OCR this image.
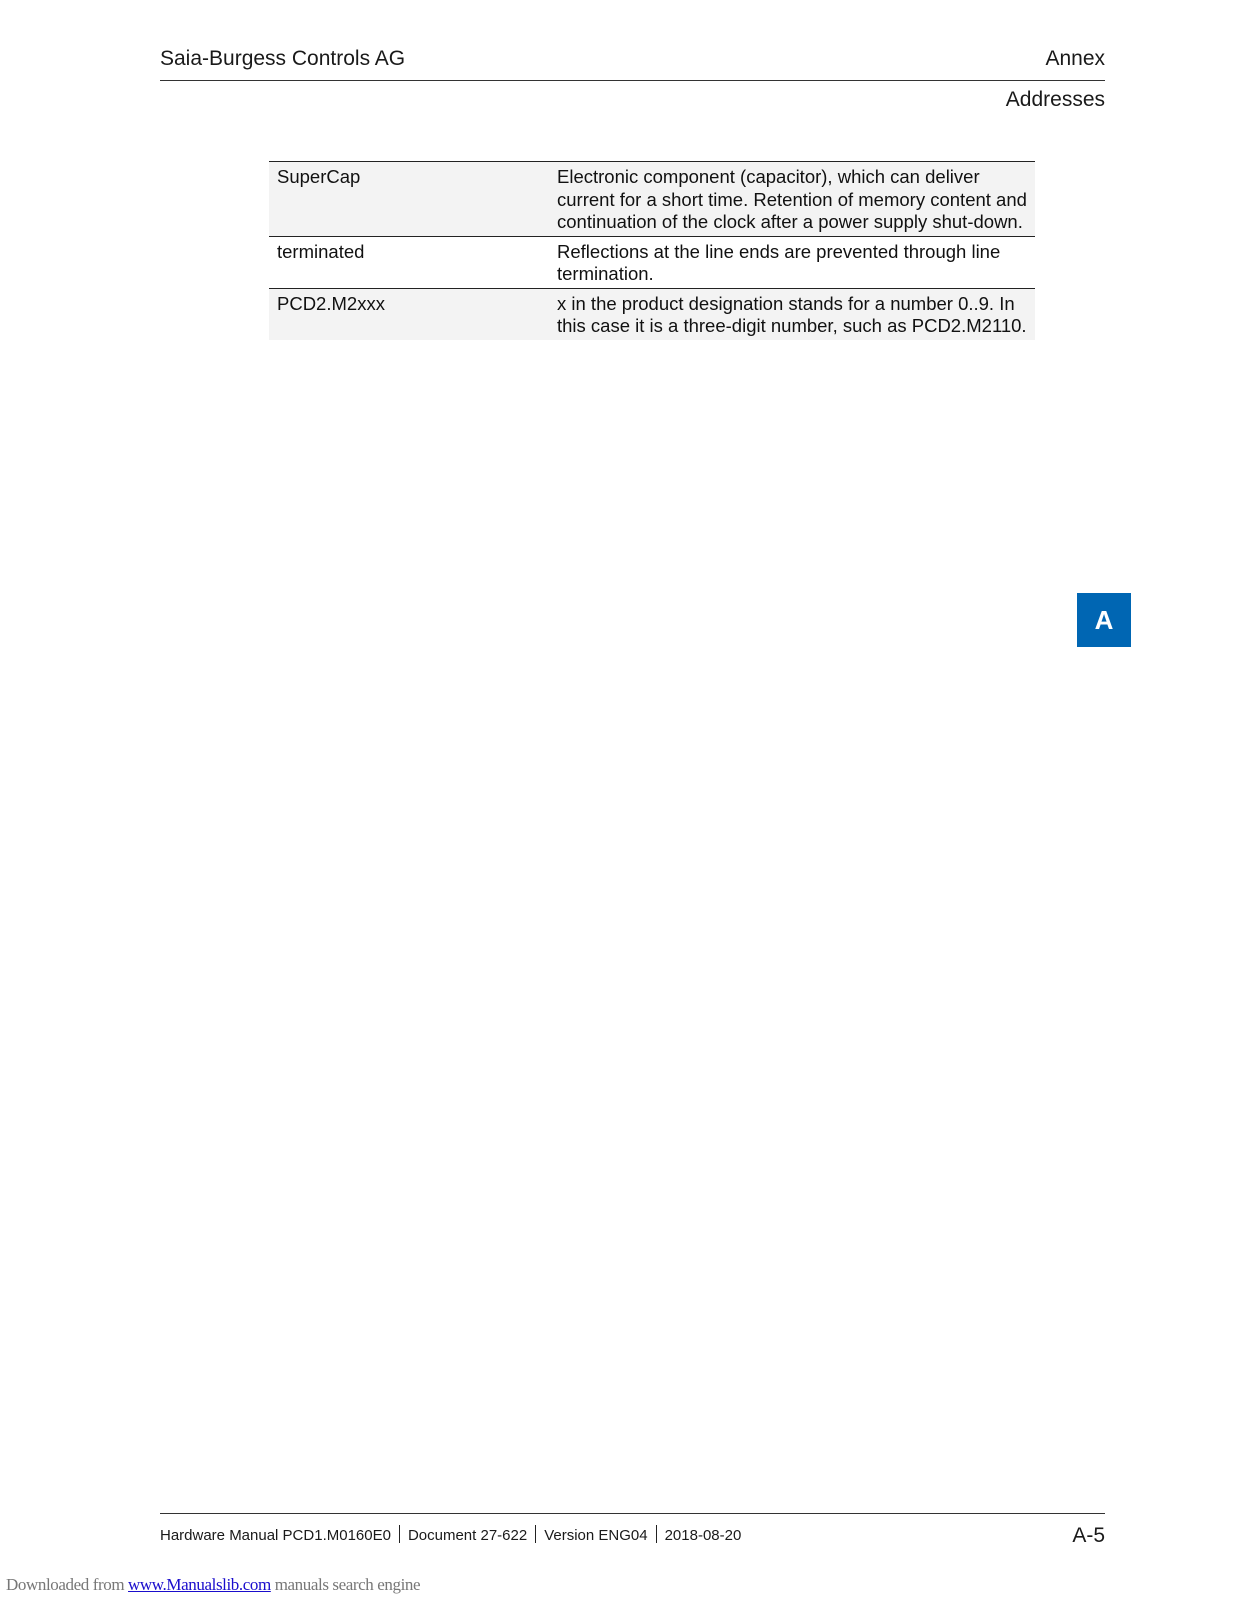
Saia-Burgess Controls AG	Annex
Addresses
SuperCap	Electronic component (capacitor), which can deliver current for a short time. Retention of memory content and continuation of the clock after a power supply shut-down.
terminated	Reflections at the line ends are prevented through line termination.
PCD2.M2xxx	x in the product designation stands for a number 0..9. In this case it is a three-digit number, such as PCD2.M2110.
A
Hardware Manual PCD1.M0160E0 Document 27-622 Version ENG04 2018-08-20	A-5
Downloaded from www.Manualslib.com manuals search engine
